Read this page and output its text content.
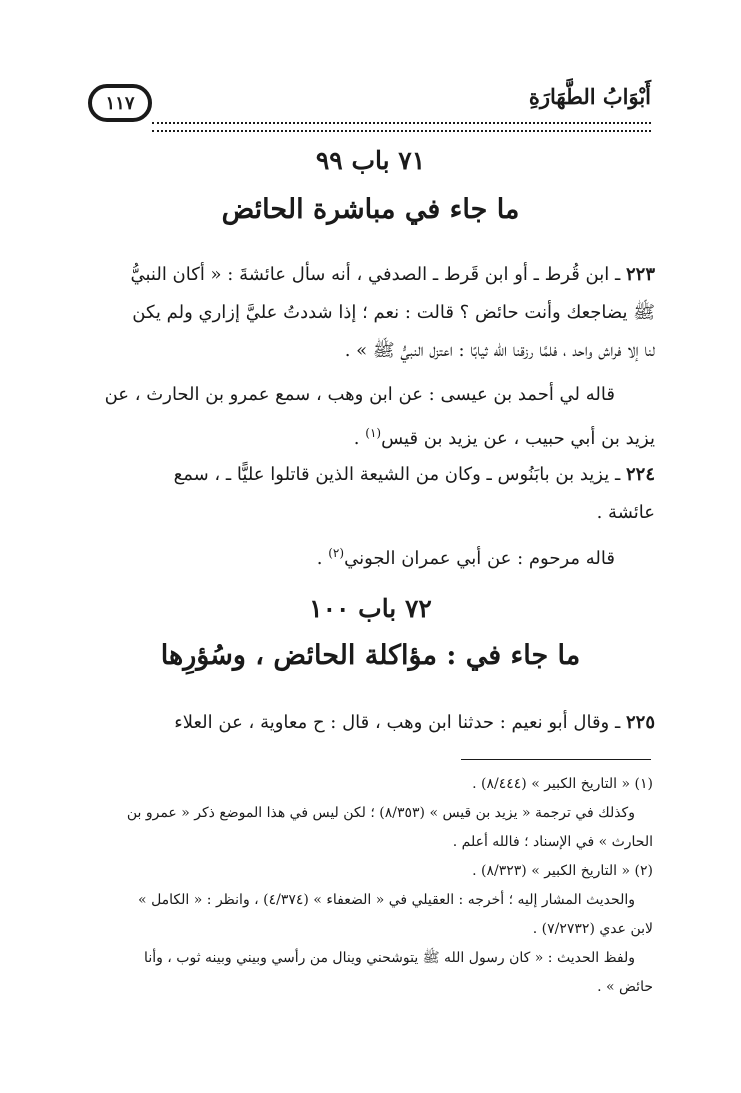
أَبْوَابُ الطَّهَارَةِ
١١٧
٧١ باب ٩٩
ما جاء في مباشرة الحائض
٢٢٣ ـ ابن قُرط ـ أو ابن قَرط ـ الصدفي ، أنه سأل عائشةَ : « أكان النبيُّ
ﷺ يضاجعك وأنت حائض ؟ قالت : نعم ؛ إذا شددتُ عليَّ إزاري ولم يكن
لنا إلا فراش واحد ، فلمَّا رزقنا الله ثيابًا : اعتزل النبيُّ ﷺ » .
قاله لي أحمد بن عيسى : عن ابن وهب ، سمع عمرو بن الحارث ، عن
يزيد بن أبي حبيب ، عن يزيد بن قيس$^{(١)}$ .
٢٢٤ ـ يزيد بن بابَنُوس ـ وكان من الشيعة الذين قاتلوا عليًّا ـ ، سمع
عائشة .
قاله مرحوم : عن أبي عمران الجوني$^{(٢)}$ .
٧٢ باب ١٠٠
ما جاء في : مؤاكلة الحائض ، وسُؤرِها
٢٢٥ ـ وقال أبو نعيم : حدثنا ابن وهب ، قال : ح معاوية ، عن العلاء
(١) « التاريخ الكبير » (٨/٤٤٤) .
وكذلك في ترجمة « يزيد بن قيس » (٨/٣٥٣) ؛ لكن ليس في هذا الموضع ذكر « عمرو بن
الحارث » في الإسناد ؛ فالله أعلم .
(٢) « التاريخ الكبير » (٨/٣٢٣) .
والحديث المشار إليه ؛ أخرجه : العقيلي في « الضعفاء » (٤/٣٧٤) ، وانظر : « الكامل »
لابن عدي (٧/٢٧٣٢) .
ولفظ الحديث : « كان رسول الله ﷺ يتوشحني وينال من رأسي وبيني وبينه ثوب ، وأنا
حائض » .
